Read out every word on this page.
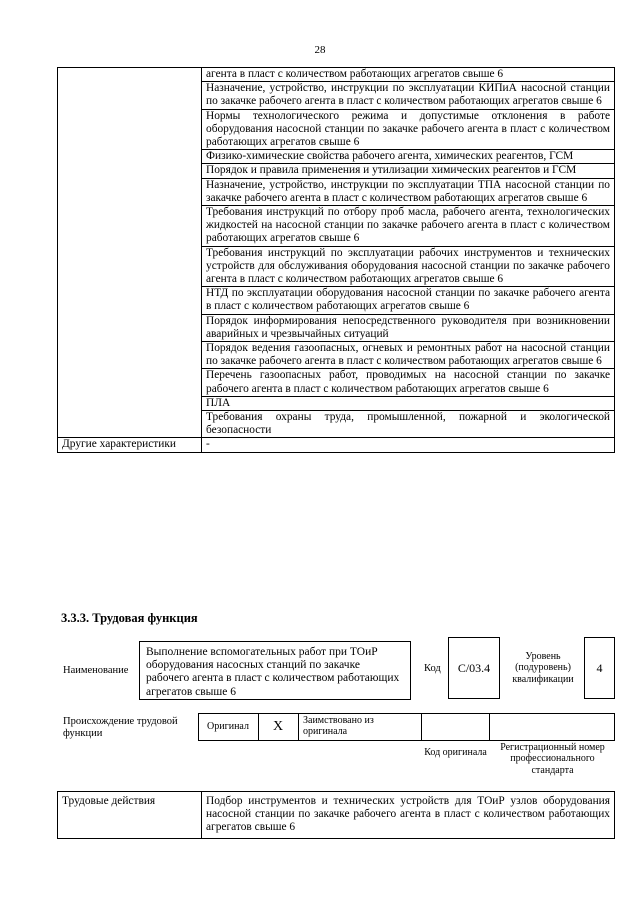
28
	агента в пласт с количеством работающих агрегатов свыше 6
	Назначение, устройство, инструкции по эксплуатации КИПиА насосной станции по закачке рабочего агента в пласт с количеством работающих агрегатов свыше 6
	Нормы технологического режима и допустимые отклонения в работе оборудования насосной станции по закачке рабочего агента в пласт с количеством работающих агрегатов свыше 6
	Физико-химические свойства рабочего агента, химических реагентов, ГСМ
	Порядок и правила применения и утилизации химических реагентов и ГСМ
	Назначение, устройство, инструкции по эксплуатации ТПА насосной станции по закачке рабочего агента в пласт с количеством работающих агрегатов свыше 6
	Требования инструкций по отбору проб масла, рабочего агента, технологических жидкостей на насосной станции по закачке рабочего агента в пласт с количеством работающих агрегатов свыше 6
	Требования инструкций по эксплуатации рабочих инструментов и технических устройств для обслуживания оборудования насосной станции по закачке рабочего агента в пласт с количеством работающих агрегатов свыше 6
	НТД по эксплуатации оборудования насосной станции по закачке рабочего агента в пласт с количеством работающих агрегатов свыше 6
	Порядок информирования непосредственного руководителя при возникновении аварийных и чрезвычайных ситуаций
	Порядок ведения газоопасных, огневых и ремонтных работ на насосной станции по закачке рабочего агента в пласт с количеством работающих агрегатов свыше 6
	Перечень газоопасных работ, проводимых на насосной станции по закачке рабочего агента в пласт с количеством работающих агрегатов свыше 6
	ПЛА
	Требования охраны труда, промышленной, пожарной и экологической безопасности
Другие характеристики	-
3.3.3. Трудовая функция
Наименование
Выполнение вспомогательных работ при ТОиР оборудования насосных станций по закачке рабочего агента в пласт с количеством работающих агрегатов свыше 6
Код	C/03.4
Уровень (подуровень) квалификации
4
Происхождение трудовой функции
Оригинал	X	Заимствовано из оригинала
Код оригинала	Регистрационный номер профессионального стандарта
Трудовые действия	Подбор инструментов и технических устройств для ТОиР узлов оборудования насосной станции по закачке рабочего агента в пласт с количеством работающих агрегатов свыше 6
